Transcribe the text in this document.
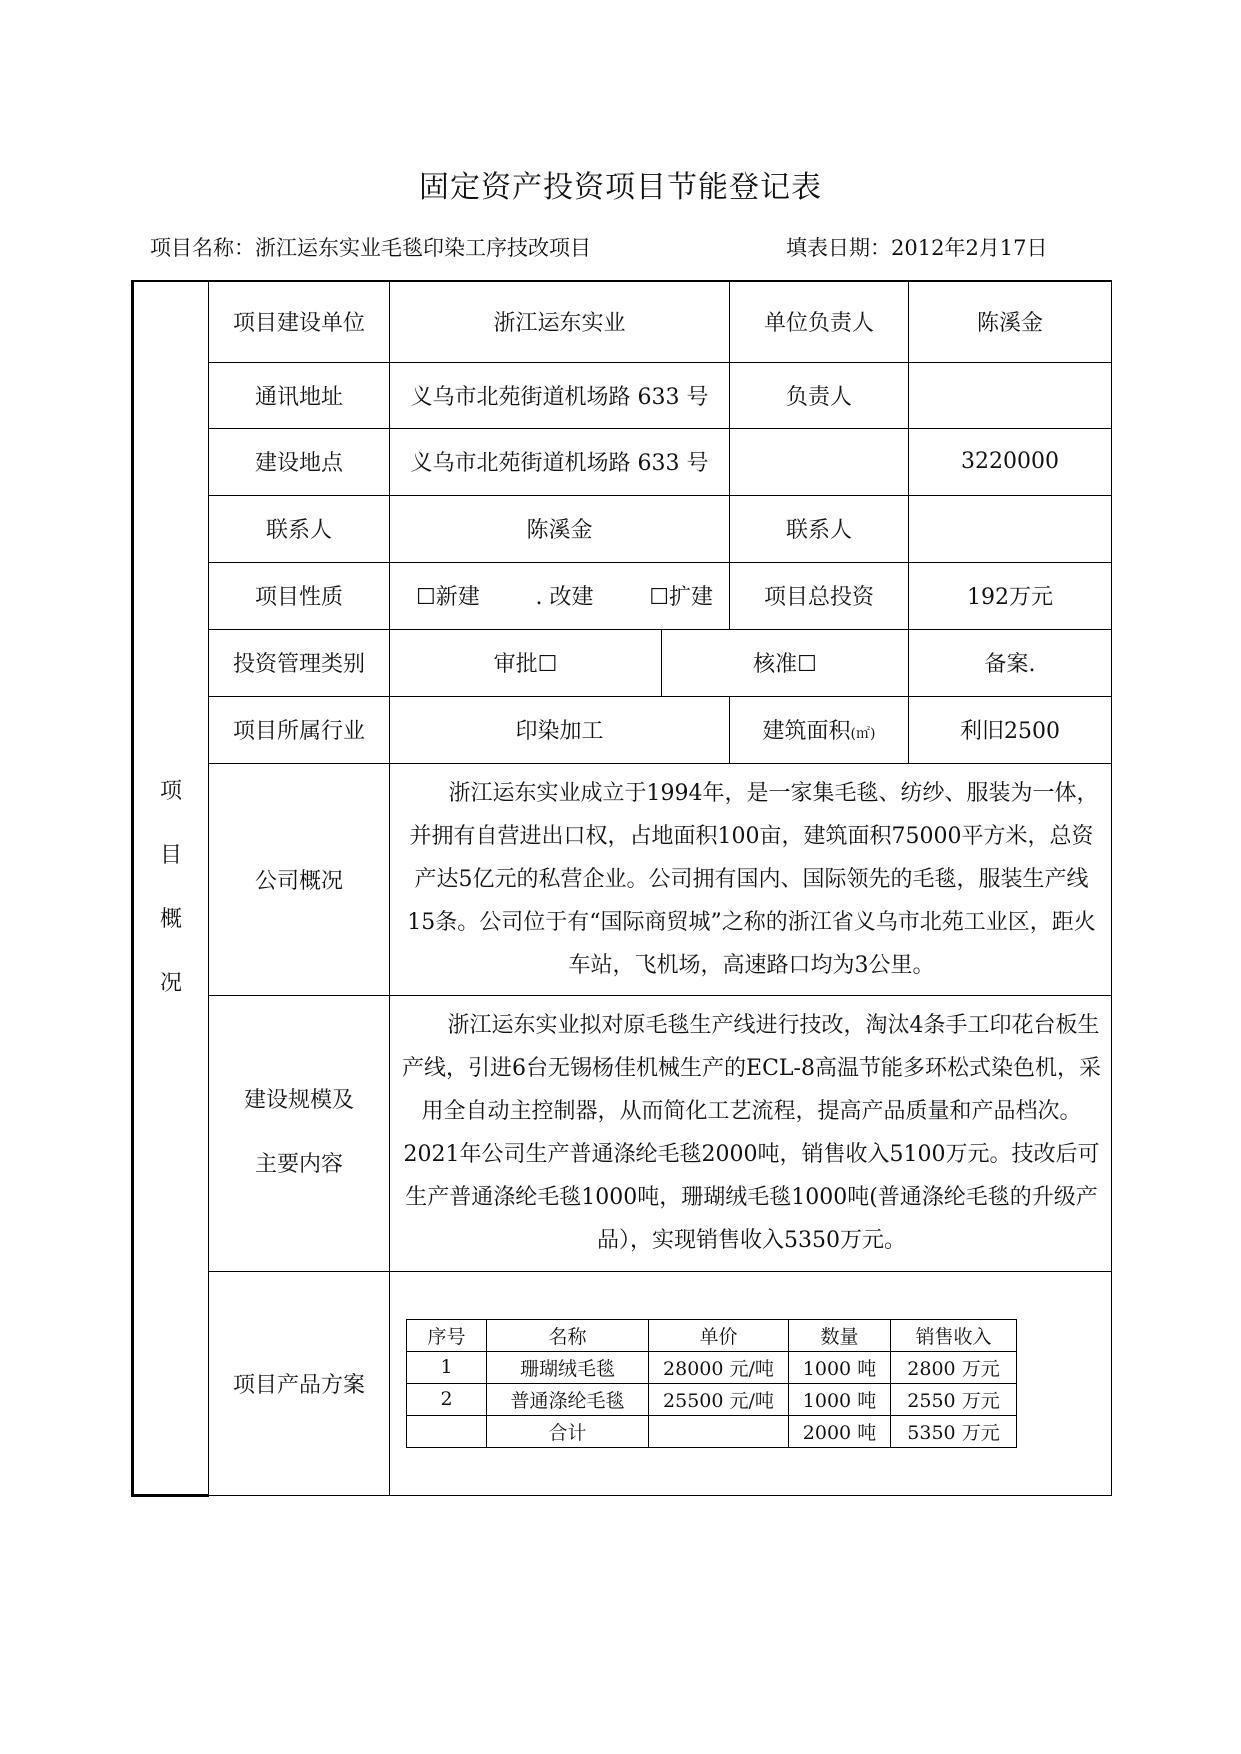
固定资产投资项目节能登记表
项目名称：浙江运东实业毛毯印染工序技改项目	填表日期：2012年2月17日
项
目
概
况
	项目建设单位	浙江运东实业	单位负责人	陈溪金
通讯地址	义乌市北苑街道机场路 633 号	负责人	
建设地点	义乌市北苑街道机场路 633 号		3220000
联系人	陈溪金	联系人	
项目性质	☐新建	. 改建	☐扩建	项目总投资	192万元
投资管理类别	审批☐	核准☐	备案.
项目所属行业	印染加工	建筑面积(㎡)	利旧2500
公司概况	
浙江运东实业成立于1994年，是一家集毛毯、纺纱、服装为一体，并拥有自营进出口权，占地面积100亩，建筑面积75000平方米，总资产达5亿元的私营企业。公司拥有国内、国际领先的毛毯，服装生产线15条。公司位于有“国际商贸城”之称的浙江省义乌市北苑工业区，距火车站，飞机场，高速路口均为3公里。

建设规模及
主要内容

浙江运东实业拟对原毛毯生产线进行技改，淘汰4条手工印花台板生产线，引进6台无锡杨佳机械生产的ECL-8高温节能多环松式染色机，采用全自动主控制器，从而简化工艺流程，提高产品质量和产品档次。2021年公司生产普通涤纶毛毯2000吨，销售收入5100万元。技改后可生产普通涤纶毛毯1000吨，珊瑚绒毛毯1000吨(普通涤纶毛毯的升级产品），实现销售收入5350万元。

项目产品方案	
序号	名称	单价	数量	销售收入
1	珊瑚绒毛毯	28000 元/吨	1000 吨	2800 万元
2	普通涤纶毛毯	25500 元/吨	1000 吨	2550 万元
	合计		2000 吨	5350 万元
